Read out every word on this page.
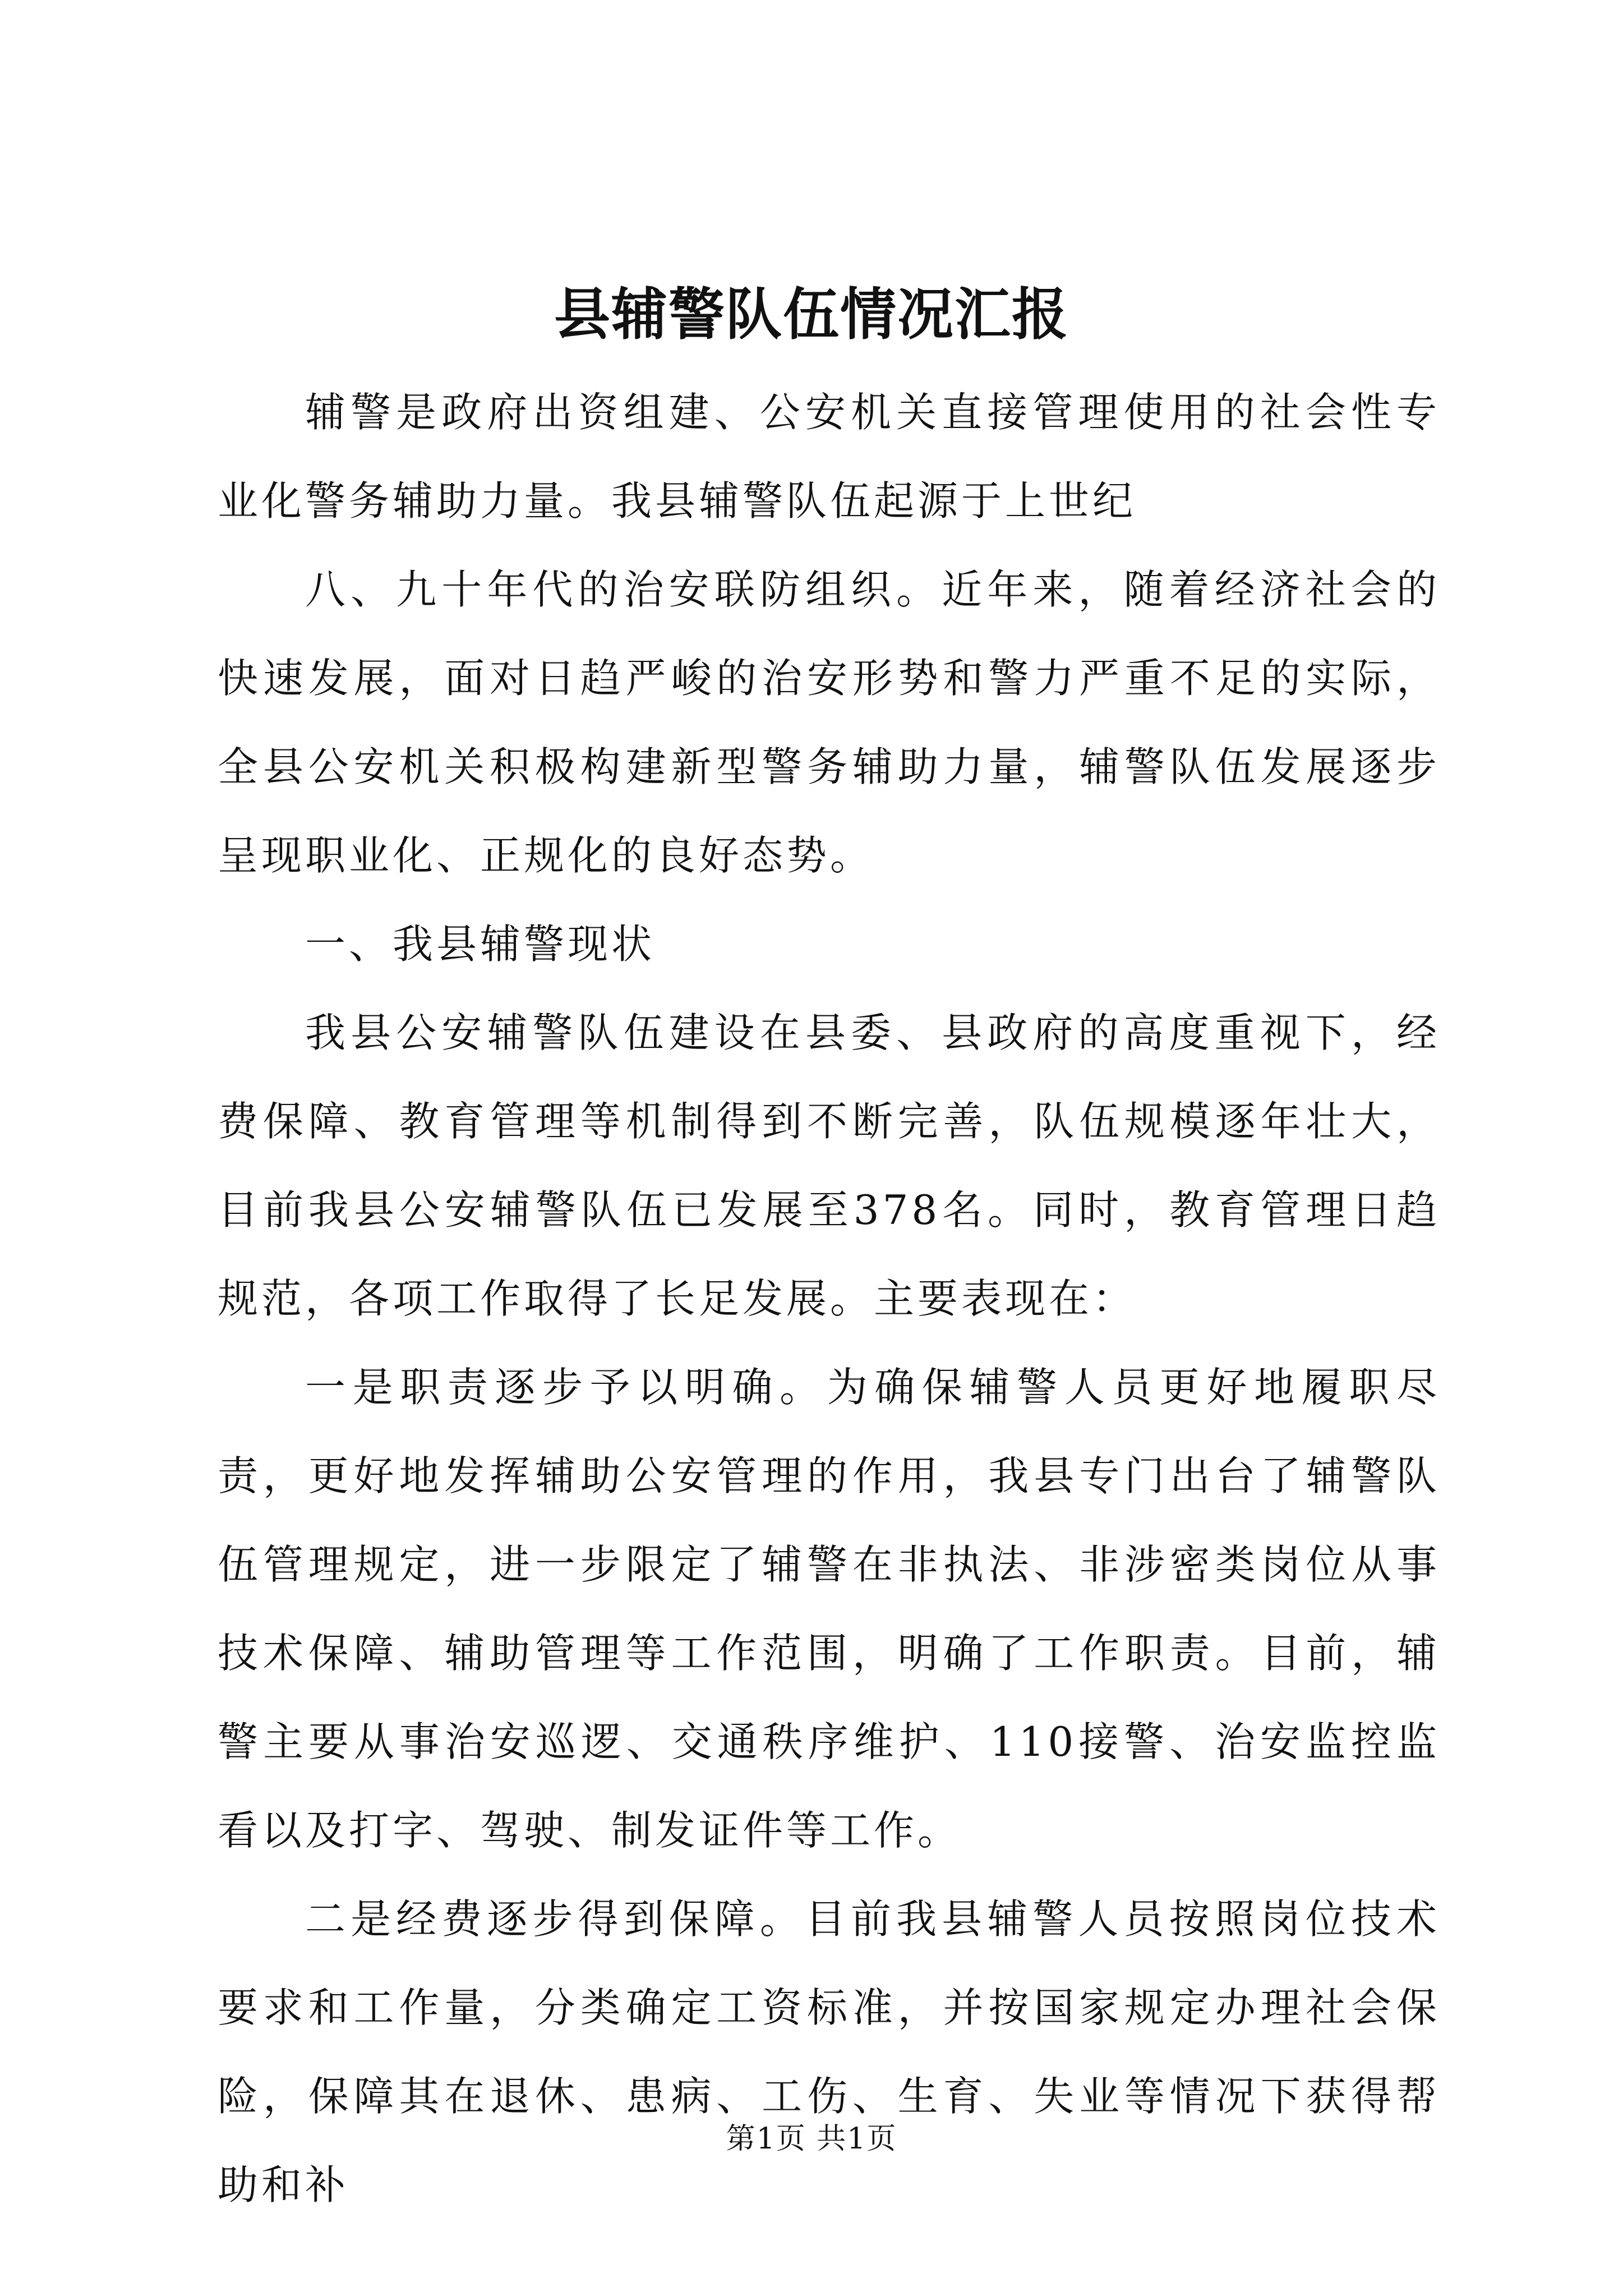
县辅警队伍情况汇报

辅警是政府出资组建、公安机关直接管理使用的社会性专业化警务辅助力量。我县辅警队伍起源于上世纪

八、九十年代的治安联防组织。近年来，随着经济社会的快速发展，面对日趋严峻的治安形势和警力严重不足的实际，全县公安机关积极构建新型警务辅助力量，辅警队伍发展逐步呈现职业化、正规化的良好态势。

一、我县辅警现状

我县公安辅警队伍建设在县委、县政府的高度重视下，经费保障、教育管理等机制得到不断完善，队伍规模逐年壮大，目前我县公安辅警队伍已发展至378名。同时，教育管理日趋规范，各项工作取得了长足发展。主要表现在：

一是职责逐步予以明确。为确保辅警人员更好地履职尽责，更好地发挥辅助公安管理的作用，我县专门出台了辅警队伍管理规定，进一步限定了辅警在非执法、非涉密类岗位从事技术保障、辅助管理等工作范围，明确了工作职责。目前，辅警主要从事治安巡逻、交通秩序维护、110接警、治安监控监看以及打字、驾驶、制发证件等工作。

二是经费逐步得到保障。目前我县辅警人员按照岗位技术要求和工作量，分类确定工资标准，并按国家规定办理社会保险，保障其在退休、患病、工伤、生育、失业等情况下获得帮助和补

第1页 共1页
